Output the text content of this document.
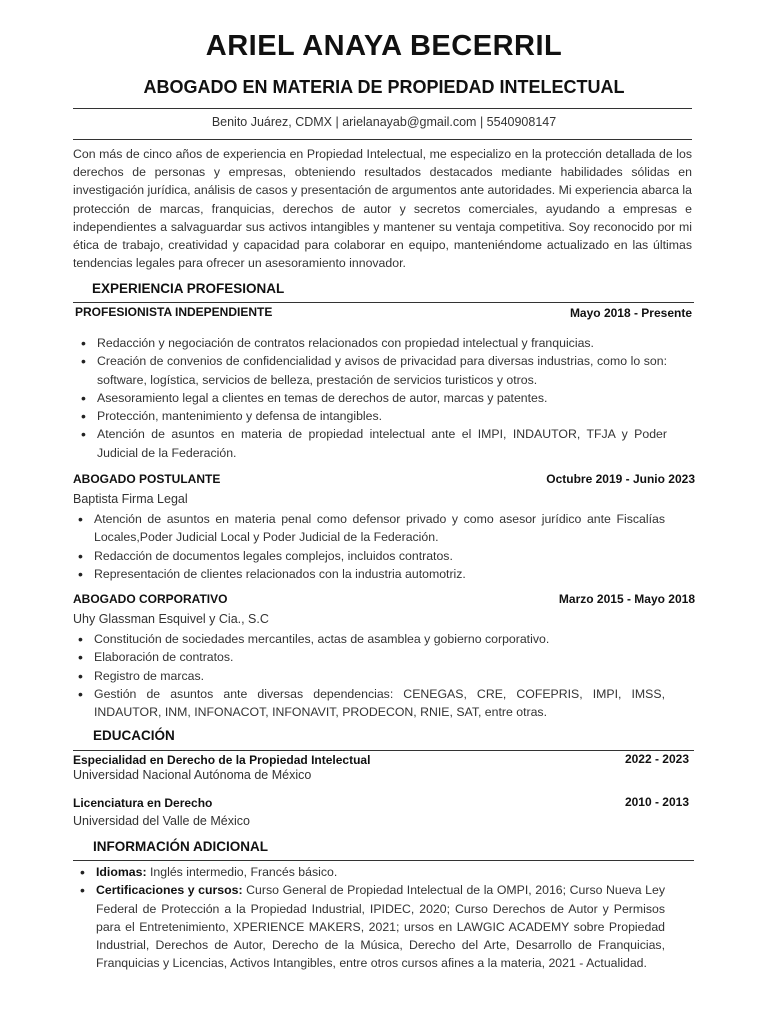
ARIEL ANAYA BECERRIL
ABOGADO EN MATERIA DE PROPIEDAD INTELECTUAL
Benito Juárez, CDMX | arielanayab@gmail.com | 5540908147
Con más de cinco años de experiencia en Propiedad Intelectual, me especializo en la protección detallada de los derechos de personas y empresas, obteniendo resultados destacados mediante habilidades sólidas en investigación jurídica, análisis de casos y presentación de argumentos ante autoridades. Mi experiencia abarca la protección de marcas, franquicias, derechos de autor y secretos comerciales, ayudando a empresas e independientes a salvaguardar sus activos intangibles y mantener su ventaja competitiva. Soy reconocido por mi ética de trabajo, creatividad y capacidad para colaborar en equipo, manteniéndome actualizado en las últimas tendencias legales para ofrecer un asesoramiento innovador.
EXPERIENCIA PROFESIONAL
PROFESIONISTA INDEPENDIENTE	Mayo 2018 - Presente
• Redacción y negociación de contratos relacionados con propiedad intelectual y franquicias.
• Creación de convenios de confidencialidad y avisos de privacidad para diversas industrias, como lo son: software, logística, servicios de belleza, prestación de servicios turisticos y otros.
• Asesoramiento legal a clientes en temas de derechos de autor, marcas y patentes.
• Protección, mantenimiento y defensa de intangibles.
• Atención de asuntos en materia de propiedad intelectual ante el IMPI, INDAUTOR, TFJA y Poder Judicial de la Federación.
ABOGADO POSTULANTE	Octubre 2019 - Junio 2023
Baptista Firma Legal
• Atención de asuntos en materia penal como defensor privado y como asesor jurídico ante Fiscalías Locales,Poder Judicial Local y Poder Judicial de la Federación.
• Redacción de documentos legales complejos, incluidos contratos.
• Representación de clientes relacionados con la industria automotriz.
ABOGADO CORPORATIVO	Marzo 2015 - Mayo 2018
Uhy Glassman Esquivel y Cia., S.C
• Constitución de sociedades mercantiles, actas de asamblea y gobierno corporativo.
• Elaboración de contratos.
• Registro de marcas.
• Gestión de asuntos ante diversas dependencias: CENEGAS, CRE, COFEPRIS, IMPI, IMSS, INDAUTOR, INM, INFONACOT, INFONAVIT, PRODECON, RNIE, SAT, entre otras.
EDUCACIÓN
Especialidad en Derecho de la Propiedad Intelectual	2022 - 2023
Universidad Nacional Autónoma de México
Licenciatura en Derecho	2010 - 2013
Universidad del Valle de México
INFORMACIÓN ADICIONAL
• Idiomas: Inglés intermedio, Francés básico.
• Certificaciones y cursos: Curso General de Propiedad Intelectual de la OMPI, 2016; Curso Nueva Ley Federal de Protección a la Propiedad Industrial, IPIDEC, 2020; Curso Derechos de Autor y Permisos para el Entretenimiento, XPERIENCE MAKERS, 2021; ursos en LAWGIC ACADEMY sobre Propiedad Industrial, Derechos de Autor, Derecho de la Música, Derecho del Arte, Desarrollo de Franquicias, Franquicias y Licencias, Activos Intangibles, entre otros cursos afines a la materia, 2021 - Actualidad.
